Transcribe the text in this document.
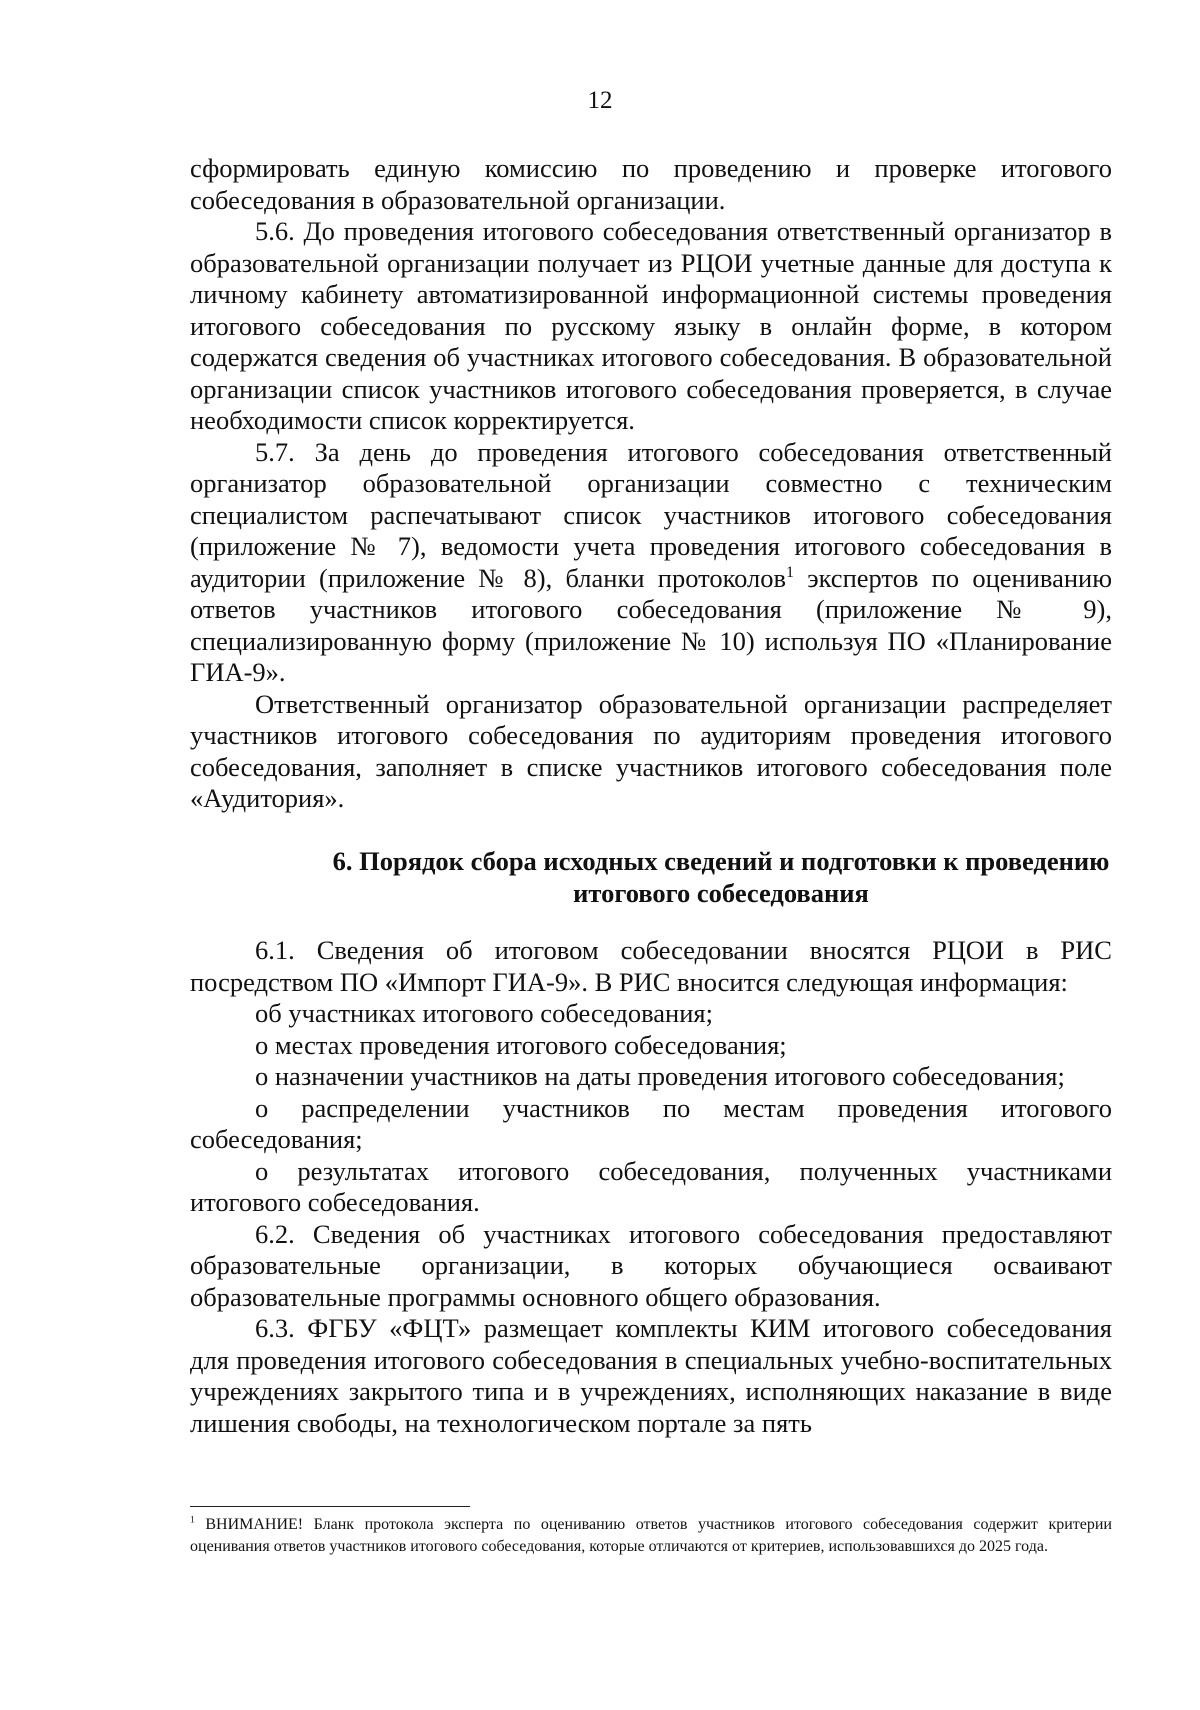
12

сформировать единую комиссию по проведению и проверке итогового собеседования в образовательной организации.

5.6. До проведения итогового собеседования ответственный организатор в образовательной организации получает из РЦОИ учетные данные для доступа к личному кабинету автоматизированной информационной системы проведения итогового собеседования по русскому языку в онлайн форме, в котором содержатся сведения об участниках итогового собеседования. В образовательной организации список участников итогового собеседования проверяется, в случае необходимости список корректируется.

5.7. За день до проведения итогового собеседования ответственный организатор образовательной организации совместно с техническим специалистом распечатывают список участников итогового собеседования (приложение № 7), ведомости учета проведения итогового собеседования в аудитории (приложение № 8), бланки протоколов$^1$ экспертов по оцениванию ответов участников итогового собеседования (приложение № 9), специализированную форму (приложение № 10) используя ПО «Планирование ГИА-9».

Ответственный организатор образовательной организации распределяет участников итогового собеседования по аудиториям проведения итогового собеседования, заполняет в списке участников итогового собеседования поле «Аудитория».

6. Порядок сбора исходных сведений и подготовки к проведению
итогового собеседования

6.1. Сведения об итоговом собеседовании вносятся РЦОИ в РИС посредством ПО «Импорт ГИА-9». В РИС вносится следующая информация:

об участниках итогового собеседования;

о местах проведения итогового собеседования;

о назначении участников на даты проведения итогового собеседования;

о распределении участников по местам проведения итогового собеседования;

о результатах итогового собеседования, полученных участниками итогового собеседования.

6.2. Сведения об участниках итогового собеседования предоставляют образовательные организации, в которых обучающиеся осваивают образовательные программы основного общего образования.

6.3. ФГБУ «ФЦТ» размещает комплекты КИМ итогового собеседования для проведения итогового собеседования в специальных учебно-воспитательных учреждениях закрытого типа и в учреждениях, исполняющих наказание в виде лишения свободы, на технологическом портале за пять

$^1$ ВНИМАНИЕ! Бланк протокола эксперта по оцениванию ответов участников итогового собеседования содержит критерии оценивания ответов участников итогового собеседования, которые отличаются от критериев, использовавшихся до 2025 года.
